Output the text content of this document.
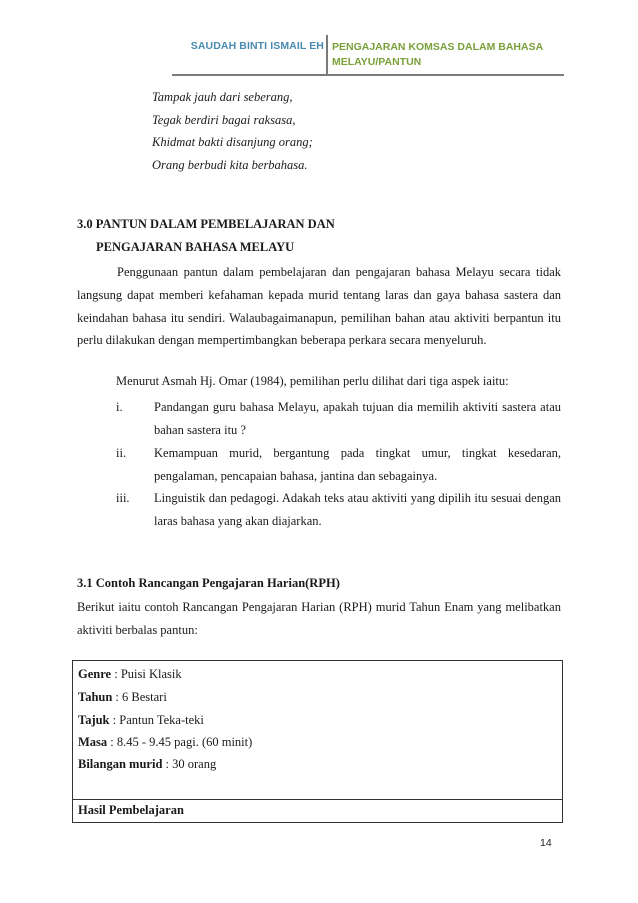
SAUDAH BINTI ISMAIL EH PENGAJARAN KOMSAS DALAM BAHASA
MELAYU/PANTUN
Tampak jauh dari seberang,
Tegak berdiri bagai raksasa,
Khidmat bakti disanjung orang;
Orang berbudi kita berbahasa.
3.0 PANTUN DALAM PEMBELAJARAN DAN
PENGAJARAN BAHASA MELAYU
Penggunaan pantun dalam pembelajaran dan pengajaran bahasa Melayu secara tidak langsung dapat memberi kefahaman kepada murid tentang laras dan gaya bahasa sastera dan keindahan bahasa itu sendiri. Walaubagaimanapun, pemilihan bahan atau aktiviti berpantun itu perlu dilakukan dengan mempertimbangkan beberapa perkara secara menyeluruh.
Menurut Asmah Hj. Omar (1984), pemilihan perlu dilihat dari tiga aspek iaitu:
i.	Pandangan guru bahasa Melayu, apakah tujuan dia memilih aktiviti sastera atau bahan sastera itu ?
ii. Kemampuan murid, bergantung pada tingkat umur, tingkat kesedaran, pengalaman, pencapaian bahasa, jantina dan sebagainya.
iii. Linguistik dan pedagogi. Adakah teks atau aktiviti yang dipilih itu sesuai dengan laras bahasa yang akan diajarkan.
3.1 Contoh Rancangan Pengajaran Harian(RPH)
Berikut iaitu contoh Rancangan Pengajaran Harian (RPH) murid Tahun Enam yang melibatkan aktiviti berbalas pantun:
Genre : Puisi Klasik
Tahun : 6 Bestari
Tajuk : Pantun Teka-teki
Masa : 8.45 - 9.45 pagi. (60 minit)
Bilangan murid : 30 orang
Hasil Pembelajaran
14
